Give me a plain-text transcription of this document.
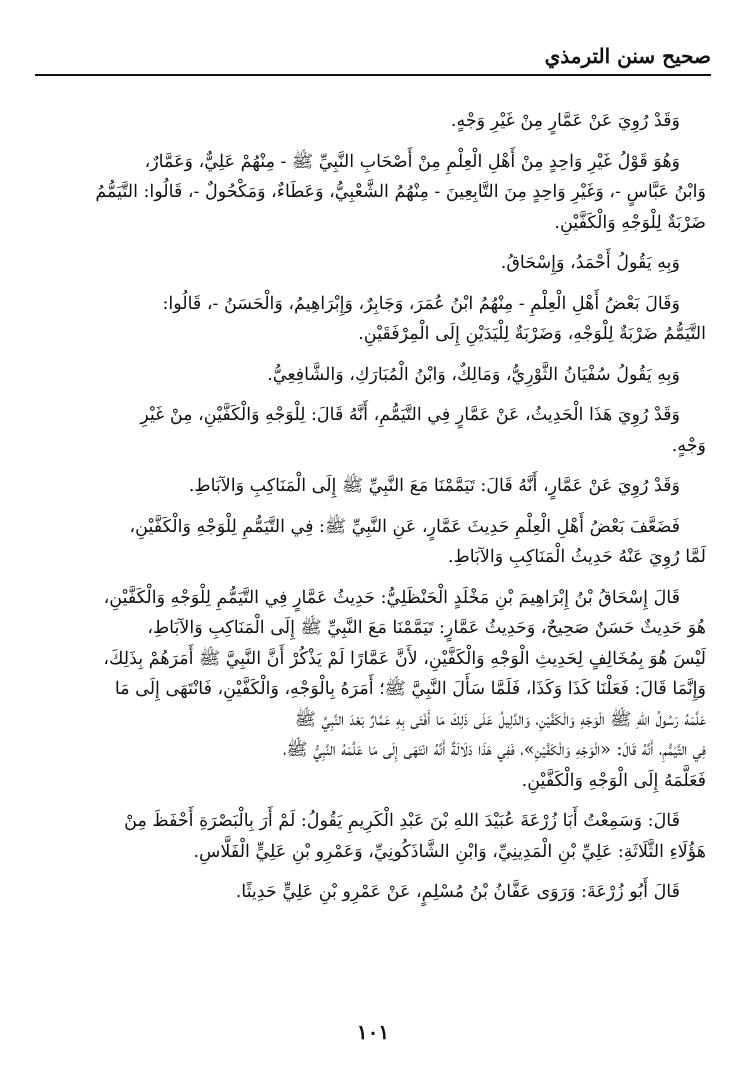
صحيح سنن الترمذي

وَقَدْ رُوِيَ عَنْ عَمَّارٍ مِنْ غَيْرِ وَجْهٍ.

وَهُوَ قَوْلُ غَيْرِ وَاحِدٍ مِنْ أَهْلِ الْعِلْمِ مِنْ أَصْحَابِ النَّبِيِّ ﷺ - مِنْهُمْ عَلِيٌّ، وَعَمَّارٌ،
وَابْنُ عَبَّاسٍ -، وَغَيْرِ وَاحِدٍ مِنَ التَّابِعِينَ - مِنْهُمُ الشَّعْبِيُّ، وَعَطَاءٌ، وَمَكْحُولٌ -، قَالُوا: التَّيَمُّمُ
ضَرْبَةٌ لِلْوَجْهِ وَالْكَفَّيْنِ.

وَبِهِ يَقُولُ أَحْمَدُ، وَإِسْحَاقُ.

وَقَالَ بَعْضُ أَهْلِ الْعِلْمِ - مِنْهُمُ ابْنُ عُمَرَ، وَجَابِرٌ، وَإِبْرَاهِيمُ، وَالْحَسَنُ -، قَالُوا:
التَّيَمُّمُ ضَرْبَةٌ لِلْوَجْهِ، وَضَرْبَةٌ لِلْيَدَيْنِ إِلَى الْمِرْفَقَيْنِ.

وَبِهِ يَقُولُ سُفْيَانُ الثَّوْرِيُّ، وَمَالِكٌ، وَابْنُ الْمُبَارَكِ، وَالشَّافِعِيُّ.

وَقَدْ رُوِيَ هَذَا الْحَدِيثُ، عَنْ عَمَّارٍ فِي التَّيَمُّمِ، أَنَّهُ قَالَ: لِلْوَجْهِ وَالْكَفَّيْنِ، مِنْ غَيْرِ
وَجْهٍ.

وَقَدْ رُوِيَ عَنْ عَمَّارٍ، أَنَّهُ قَالَ: تَيَمَّمْنَا مَعَ النَّبِيِّ ﷺ إِلَى الْمَنَاكِبِ وَالآبَاطِ.

فَضَعَّفَ بَعْضُ أَهْلِ الْعِلْمِ حَدِيثَ عَمَّارٍ، عَنِ النَّبِيِّ ﷺ: فِي التَّيَمُّمِ لِلْوَجْهِ وَالْكَفَّيْنِ،
لَمَّا رُوِيَ عَنْهُ حَدِيثُ الْمَنَاكِبِ وَالآبَاطِ.

قَالَ إِسْحَاقُ بْنُ إِبْرَاهِيمَ بْنِ مَخْلَدٍ الْحَنْظَلِيُّ: حَدِيثُ عَمَّارٍ فِي التَّيَمُّمِ لِلْوَجْهِ وَالْكَفَّيْنِ،
هُوَ حَدِيثٌ حَسَنٌ صَحِيحٌ، وَحَدِيثُ عَمَّارٍ: تَيَمَّمْنَا مَعَ النَّبِيِّ ﷺ إِلَى الْمَنَاكِبِ وَالآبَاطِ،
لَيْسَ هُوَ بِمُخَالِفٍ لِحَدِيثِ الْوَجْهِ وَالْكَفَّيْنِ، لأَنَّ عَمَّارًا لَمْ يَذْكُرْ أَنَّ النَّبِيَّ ﷺ أَمَرَهُمْ بِذَلِكَ،
وَإِنَّمَا قَالَ: فَعَلْنَا كَذَا وَكَذَا، فَلَمَّا سَأَلَ النَّبِيَّ ﷺ؛ أَمَرَهُ بِالْوَجْهِ، وَالْكَفَّيْنِ، فَانْتَهَى إِلَى مَا
عَلَّمَهُ رَسُولُ اللهِ ﷺ الْوَجْهِ وَالْكَفَّيْنِ، وَالدَّلِيلُ عَلَى ذَلِكَ مَا أَفْتَى بِهِ عَمَّارٌ بَعْدَ النَّبِيِّ ﷺ
فِي التَّيَمُّمِ، أَنَّهُ قَالَ: «الْوَجْهِ وَالْكَفَّيْنِ»، فَفِي هَذَا دَلَالَةٌ أَنَّهُ انْتَهَى إِلَى مَا عَلَّمَهُ النَّبِيُّ ﷺ،
فَعَلَّمَهُ إِلَى الْوَجْهِ وَالْكَفَّيْنِ.

قَالَ: وَسَمِعْتُ أَبَا زُرْعَةَ عُبَيْدَ اللهِ بْنَ عَبْدِ الْكَرِيمِ يَقُولُ: لَمْ أَرَ بِالْبَصْرَةِ أَحْفَظَ مِنْ
هَؤُلَاءِ الثَّلَاثَةِ: عَلِيِّ بْنِ الْمَدِينِيِّ، وَابْنِ الشَّاذَكُونِيِّ، وَعَمْرِو بْنِ عَلِيٍّ الْفَلَّاسِ.

قَالَ أَبُو زُرْعَةَ: وَرَوَى عَفَّانُ بْنُ مُسْلِمٍ، عَنْ عَمْرِو بْنِ عَلِيٍّ حَدِيثًا.

١٠١
